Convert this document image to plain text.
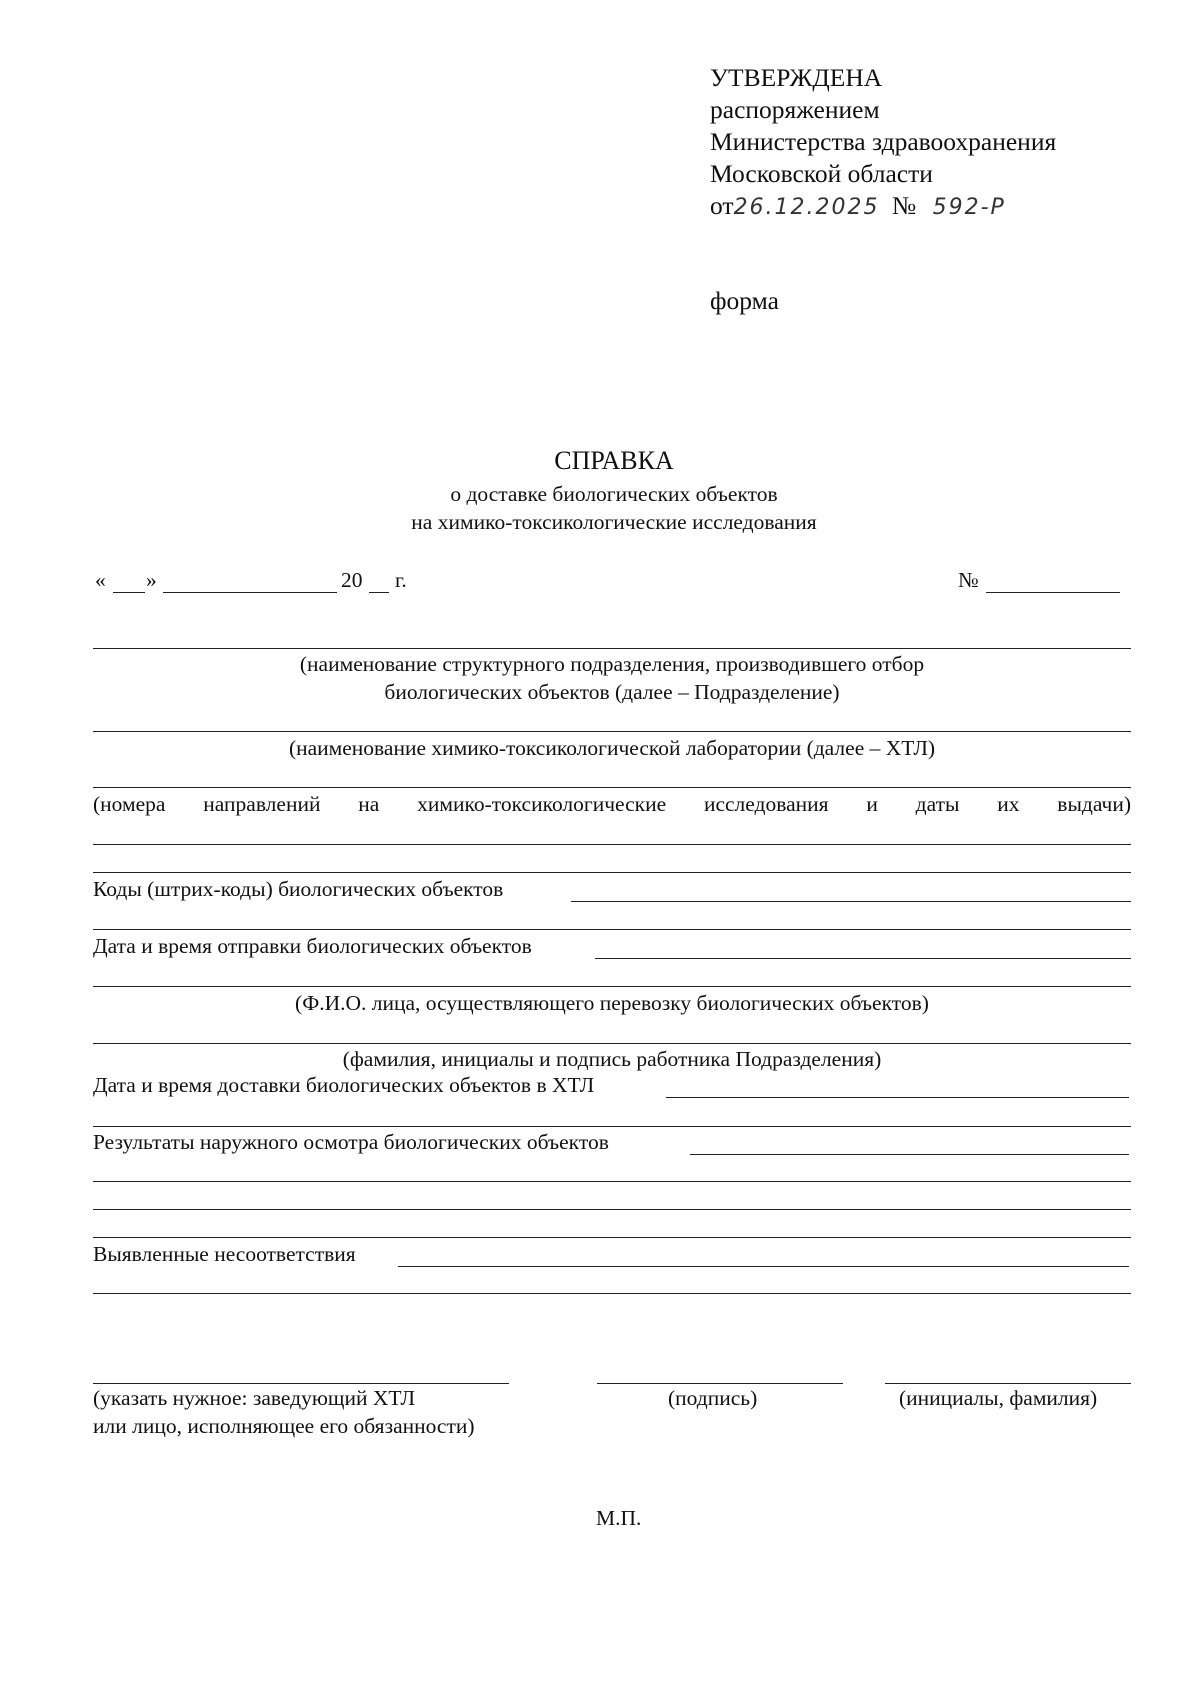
УТВЕРЖДЕНА
распоряжением
Министерства здравоохранения
Московской области
от26.12.2025 № 592-Р
форма
СПРАВКА
о доставке биологических объектов
на химико-токсикологические исследования
« »	20 г.	№
(наименование структурного подразделения, производившего отбор
биологических объектов (далее – Подразделение)
(наименование химико-токсикологической лаборатории (далее – ХТЛ)
(номера направлений на химико-токсикологические исследования и даты их выдачи)
Коды (штрих-коды) биологических объектов
Дата и время отправки биологических объектов
(Ф.И.О. лица, осуществляющего перевозку биологических объектов)
(фамилия, инициалы и подпись работника Подразделения)
Дата и время доставки биологических объектов в ХТЛ
Результаты наружного осмотра биологических объектов
Выявленные несоответствия
(указать нужное: заведующий ХТЛ
или лицо, исполняющее его обязанности)
(подпись)	(инициалы, фамилия)
М.П.
